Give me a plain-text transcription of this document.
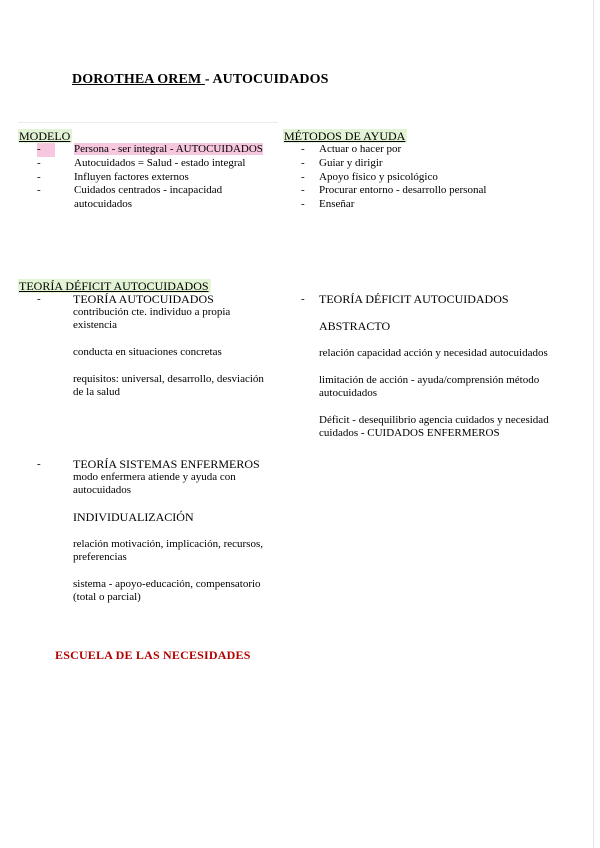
DOROTHEA OREM - AUTOCUIDADOS
MODELO
-	Persona - ser integral - AUTOCUIDADOS
-	Autocuidados = Salud - estado integral
-	Influyen factores externos
-	Cuidados centrados - incapacidad autocuidados
MÉTODOS DE AYUDA
-	Actuar o hacer por
-	Guiar y dirigir
-	Apoyo físico y psicológico
-	Procurar entorno - desarrollo personal
-	Enseñar
TEORÍA DÉFICIT AUTOCUIDADOS
-	TEORÍA AUTOCUIDADOS

contribución cte. individuo a propia existencia

conducta en situaciones concretas

requisitos: universal, desarrollo, desviación de la salud

- TEORÍA DÉFICIT AUTOCUIDADOS

ABSTRACTO

relación capacidad acción y necesidad autocuidados

limitación de acción - ayuda/comprensión método autocuidados

Déficit - desequilibrio agencia cuidados y necesidad cuidados - CUIDADOS ENFERMEROS

-	TEORÍA SISTEMAS ENFERMEROS

modo enfermera atiende y ayuda con autocuidados

INDIVIDUALIZACIÓN

relación motivación, implicación, recursos, preferencias

sistema - apoyo-educación, compensatorio (total o parcial)

ESCUELA DE LAS NECESIDADES
